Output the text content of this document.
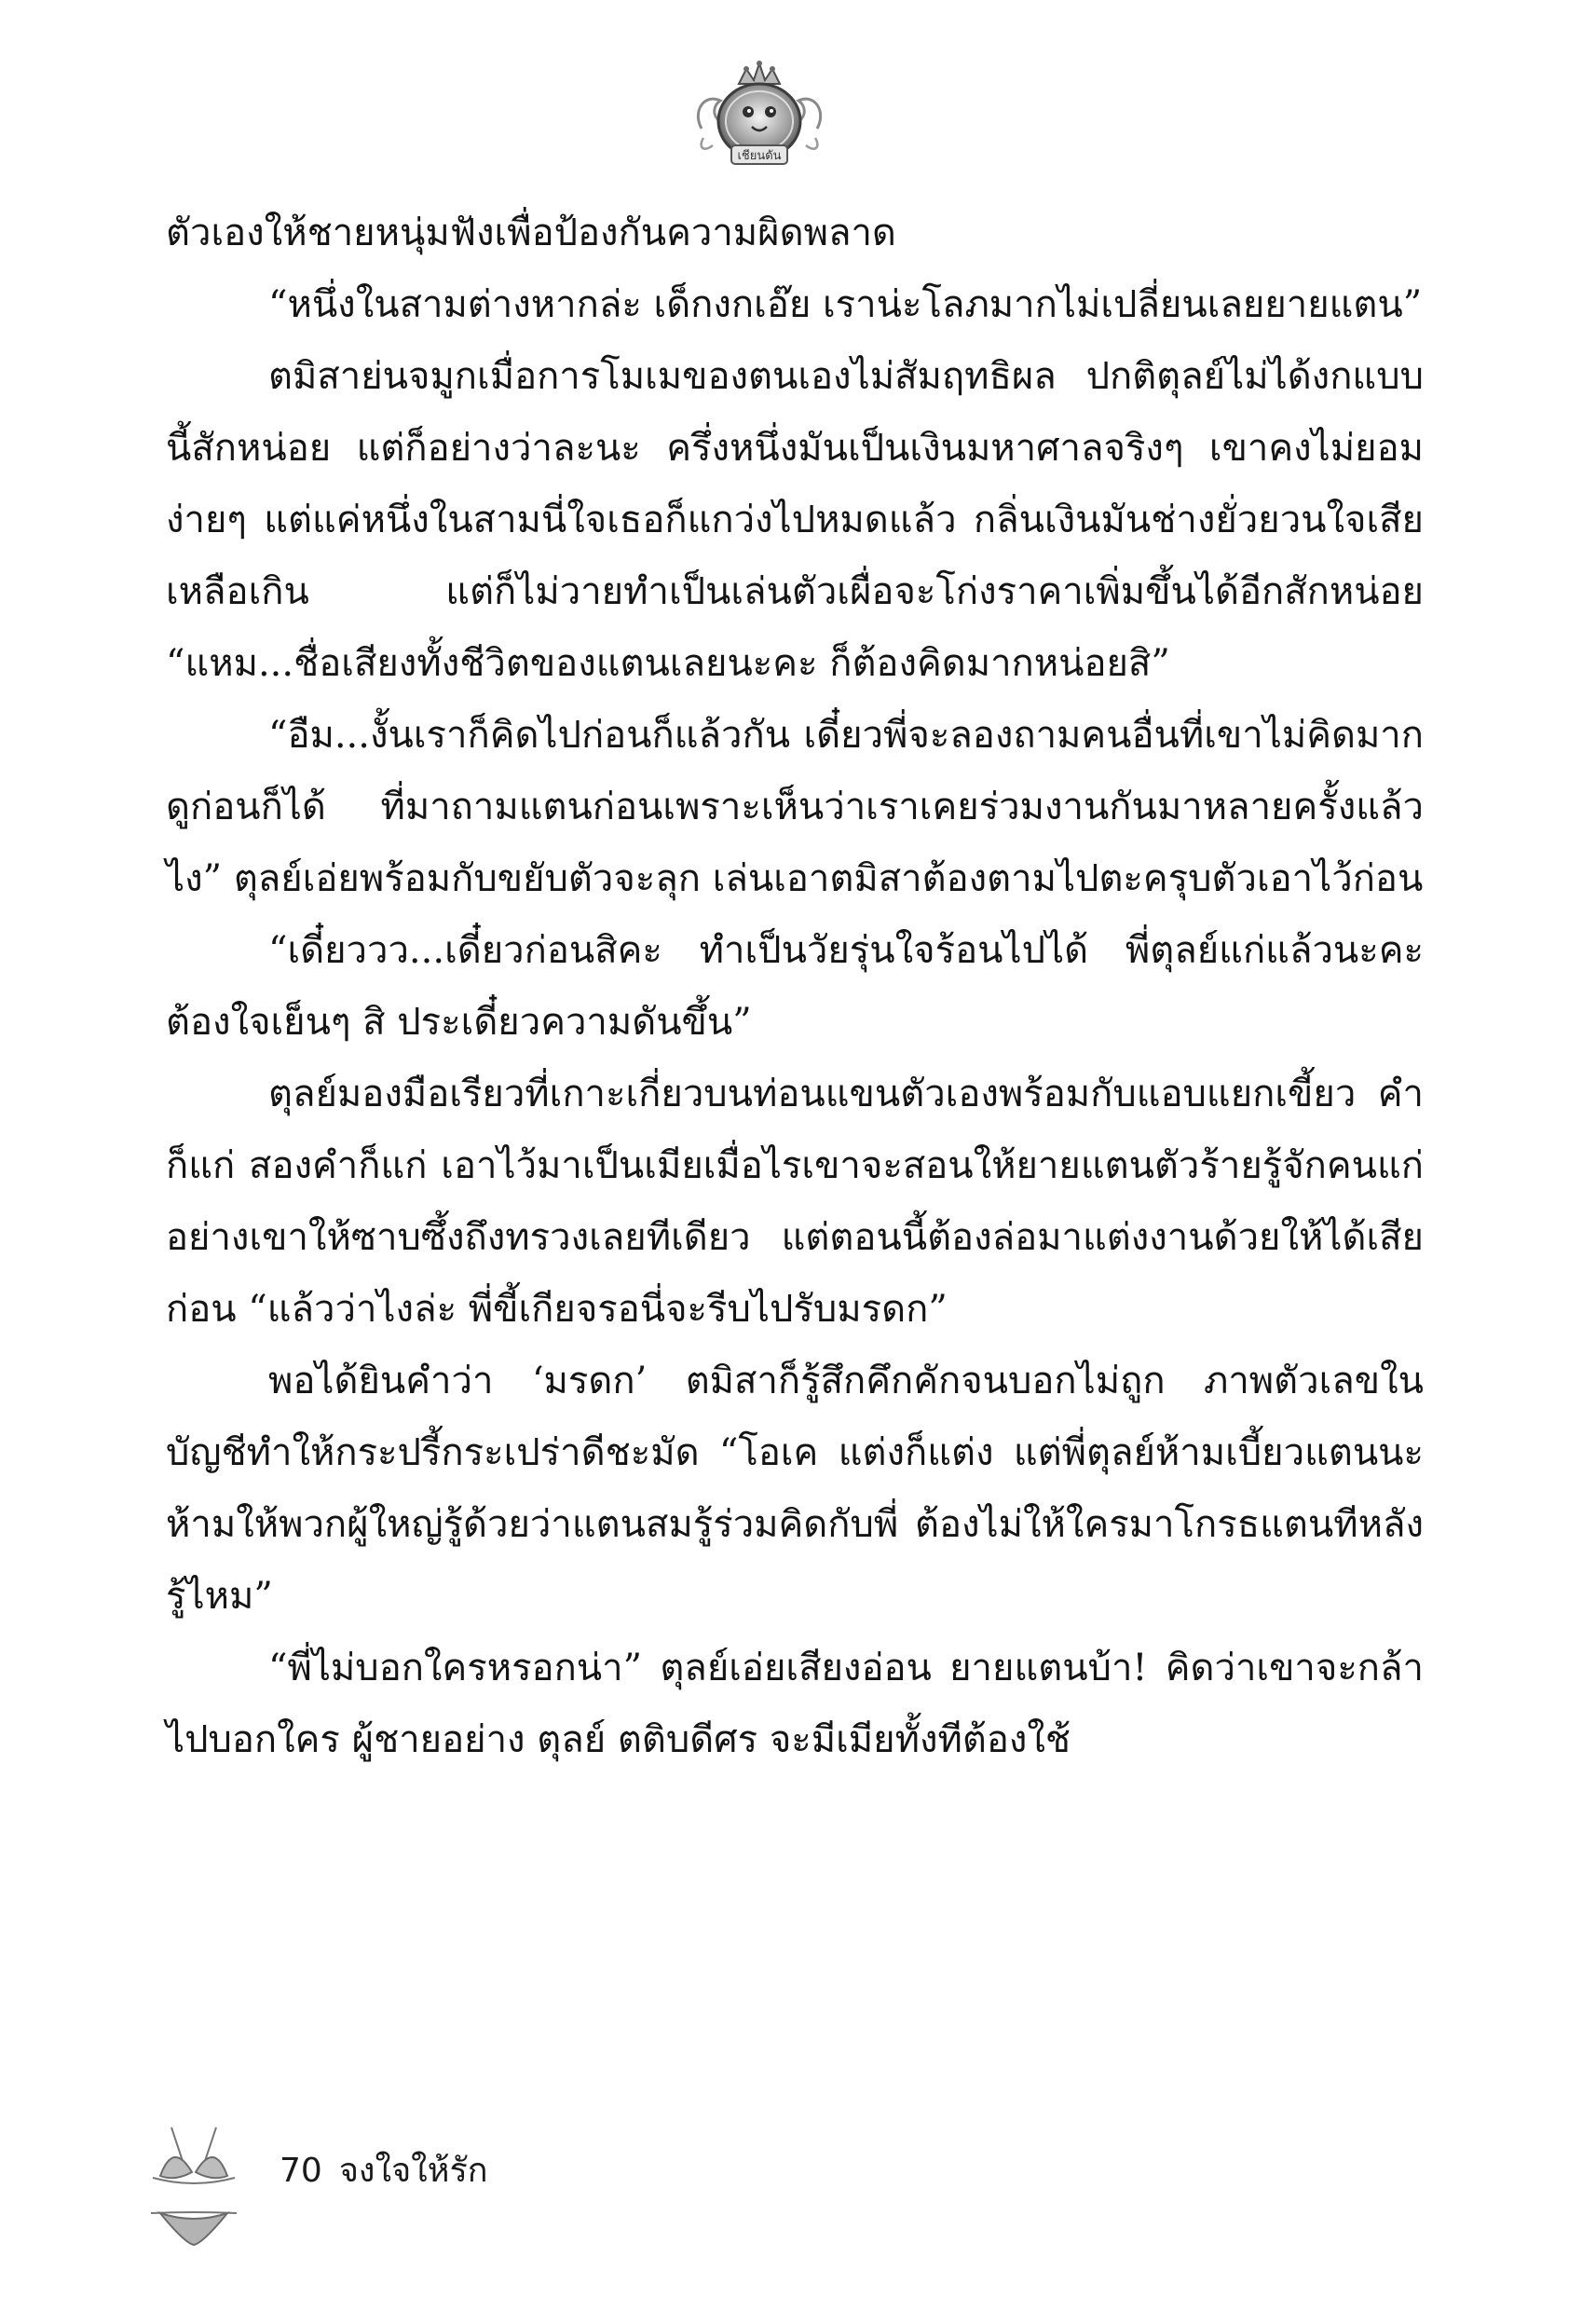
เชียนดัน

ตัวเองให้ชายหนุ่มฟังเพื่อป้องกันความผิดพลาด

“หนึ่งในสามต่างหากล่ะ เด็กงกเอ๊ย เราน่ะโลภมากไม่เปลี่ยนเลยยายแตน”

ตมิสาย่นจมูกเมื่อการโมเมของตนเองไม่สัมฤทธิผล ปกติตุลย์ไม่ได้งกแบบนี้สักหน่อย แต่ก็อย่างว่าละนะ ครึ่งหนึ่งมันเป็นเงินมหาศาลจริงๆ เขาคงไม่ยอมง่ายๆ แต่แค่หนึ่งในสามนี่ใจเธอก็แกว่งไปหมดแล้ว กลิ่นเงินมันช่างยั่วยวนใจเสียเหลือเกิน แต่ก็ไม่วายทำเป็นเล่นตัวเผื่อจะโก่งราคาเพิ่มขึ้นได้อีกสักหน่อย “แหม...ชื่อเสียงทั้งชีวิตของแตนเลยนะคะ ก็ต้องคิดมากหน่อยสิ”

“อืม...งั้นเราก็คิดไปก่อนก็แล้วกัน เดี๋ยวพี่จะลองถามคนอื่นที่เขาไม่คิดมากดูก่อนก็ได้ ที่มาถามแตนก่อนเพราะเห็นว่าเราเคยร่วมงานกันมาหลายครั้งแล้วไง” ตุลย์เอ่ยพร้อมกับขยับตัวจะลุก เล่นเอาตมิสาต้องตามไปตะครุบตัวเอาไว้ก่อน

“เดี๋ยววว...เดี๋ยวก่อนสิคะ ทำเป็นวัยรุ่นใจร้อนไปได้ พี่ตุลย์แก่แล้วนะคะ ต้องใจเย็นๆ สิ ประเดี๋ยวความดันขึ้น”

ตุลย์มองมือเรียวที่เกาะเกี่ยวบนท่อนแขนตัวเองพร้อมกับแอบแยกเขี้ยว คำก็แก่ สองคำก็แก่ เอาไว้มาเป็นเมียเมื่อไรเขาจะสอนให้ยายแตนตัวร้ายรู้จักคนแก่อย่างเขาให้ซาบซึ้งถึงทรวงเลยทีเดียว แต่ตอนนี้ต้องล่อมาแต่งงานด้วยให้ได้เสียก่อน “แล้วว่าไงล่ะ พี่ขี้เกียจรอนี่จะรีบไปรับมรดก”

พอได้ยินคำว่า ‘มรดก’ ตมิสาก็รู้สึกคึกคักจนบอกไม่ถูก ภาพตัวเลขในบัญชีทำให้กระปรี้กระเปร่าดีชะมัด “โอเค แต่งก็แต่ง แต่พี่ตุลย์ห้ามเบี้ยวแตนนะ ห้ามให้พวกผู้ใหญ่รู้ด้วยว่าแตนสมรู้ร่วมคิดกับพี่ ต้องไม่ให้ใครมาโกรธแตนทีหลังรู้ไหม”

“พี่ไม่บอกใครหรอกน่า” ตุลย์เอ่ยเสียงอ่อน ยายแตนบ้า! คิดว่าเขาจะกล้าไปบอกใคร ผู้ชายอย่าง ตุลย์ ตติบดีศร จะมีเมียทั้งทีต้องใช้

70 จงใจให้รัก
